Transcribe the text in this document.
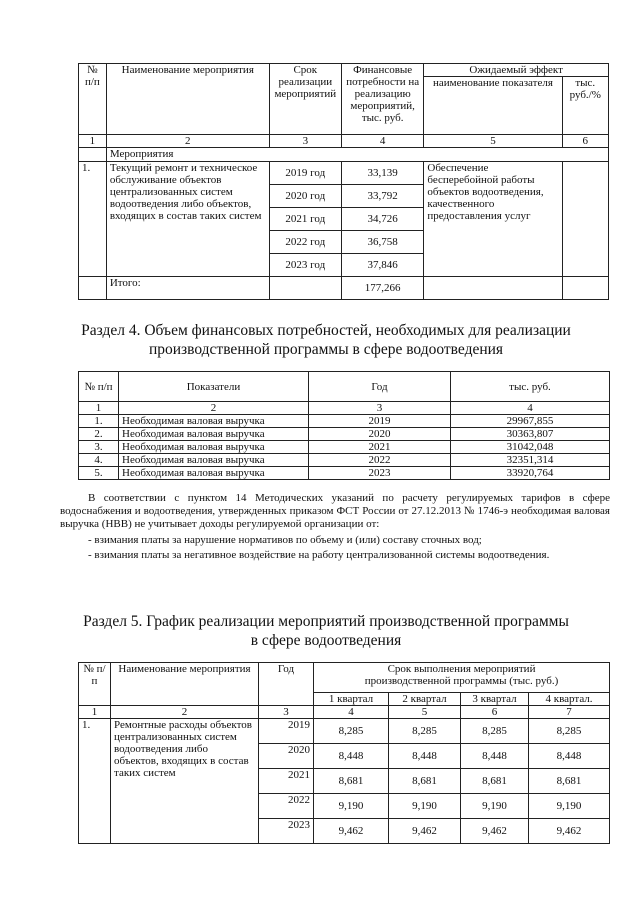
№ п/п	Наименование мероприятия	Срок реализации мероприятий	Финансовые потребности на реализацию мероприятий, тыс. руб.	Ожидаемый эффект	
				наименование показателя	тыс. руб./%
1	2	3	4	5	6
	Мероприятия				
1.	Текущий ремонт и техническое обслуживание объектов централизованных систем водоотведения либо объектов, входящих в состав таких систем	2019 год	33,139	Обеспечение бесперебойной работы объектов водоотведения, качественного предоставления услуг	
		2020 год	33,792		
		2021 год	34,726		
		2022 год	36,758		
		2023 год	37,846		
	Итого:		177,266		
Раздел 4. Объем финансовых потребностей, необходимых для реализации
производственной программы в сфере водоотведения
№ п/п	Показатели	Год	тыс. руб.
1	2	3	4
1.	Необходимая валовая выручка	2019	29967,855
2.	Необходимая валовая выручка	2020	30363,807
3.	Необходимая валовая выручка	2021	31042,048
4.	Необходимая валовая выручка	2022	32351,314
5.	Необходимая валовая выручка	2023	33920,764

В соответствии с пунктом 14 Методических указаний по расчету регулируемых тарифов в сфере водоснабжения и водоотведения, утвержденных приказом ФСТ России от 27.12.2013 № 1746-э необходимая валовая выручка (НВВ) не учитывает доходы регулируемой организации от:

- взимания платы за нарушение нормативов по объему и (или) составу сточных вод;

- взимания платы за негативное воздействие на работу централизованной системы водоотведения.

Раздел 5. График реализации мероприятий производственной программы
в сфере водоотведения
№ п/п	Наименование мероприятия	Год	Срок выполнения мероприятий производственной программы (тыс. руб.)			
			1 квартал	2 квартал	3 квартал	4 квартал.
1	2	3	4	5	6	7
1.	Ремонтные расходы объектов централизованных систем водоотведения либо объектов, входящих в состав таких систем	2019	8,285	8,285	8,285	8,285
		2020	8,448	8,448	8,448	8,448
		2021	8,681	8,681	8,681	8,681
		2022	9,190	9,190	9,190	9,190
		2023	9,462	9,462	9,462	9,462
